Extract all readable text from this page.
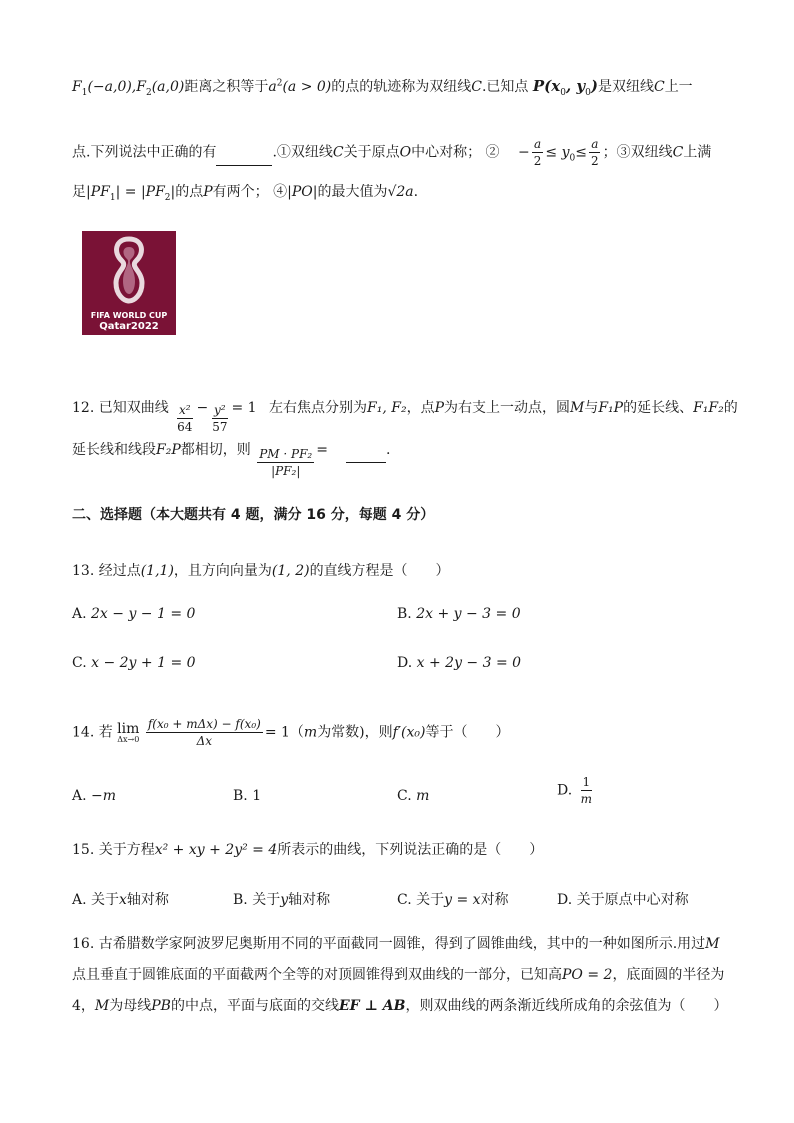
$F_1(-a,0),F_2(a,0)$距离之积等于$a^2(a > 0)$的点的轨迹称为双纽线C.已知点 $P(x_0$, $y_0$)是双纽线C上一
点.下列说法中正确的有	.①双纽线C关于原点O中心对称； ② − $\frac{a}{2} \le y_0\le \frac{a}{2}$ ；③双纽线C上满
足$|PF_1| = |PF_2|$的点P有两个； ④|PO|的最大值为√2a.
FIFA WORLD CUP
Qatar2022
12. 已知双曲线 $\frac{\text{x²}}{64} - \frac{\text{y²}}{57} = 1$ 左右焦点分别为F₁, F₂，点P为右支上一动点，圆M与F₁P的延长线、F₁F₂的
延长线和线段F₂P都相切，则 $\frac{\text{PM · PF₂}}{\text{|PF₂|}}$ =	.
二、选择题（本大题共有 4 题，满分 16 分，每题 4 分）
13. 经过点(1,1)，且方向向量为(1, 2)的直线方程是（　　）
A. 2x − y − 1 = 0	B. 2x + y − 3 = 0
C. x − 2y + 1 = 0	D. x + 2y − 3 = 0
14. 若 lim
Δx→0
$\frac{\text{f(x₀ + mΔx) − f(x₀)}}{\Delta x} = 1(m$为常数)，则f′(x₀)等于（　　）
A. −m	B. 1	C. m	D. $\frac{1}{m}$
15. 关于方程x² + xy + 2y² = 4所表示的曲线，下列说法正确的是（　　）
A. 关于x轴对称	B. 关于y轴对称	C. 关于y = x对称	D. 关于原点中心对称
16. 古希腊数学家阿波罗尼奥斯用不同的平面截同一圆锥，得到了圆锥曲线，其中的一种如图所示.用过M
点且垂直于圆锥底面的平面截两个全等的对顶圆锥得到双曲线的一部分，已知高PO = 2，底面圆的半径为
4，M为母线PB的中点，平面与底面的交线EF ⊥ AB，则双曲线的两条渐近线所成角的余弦值为（　　）
